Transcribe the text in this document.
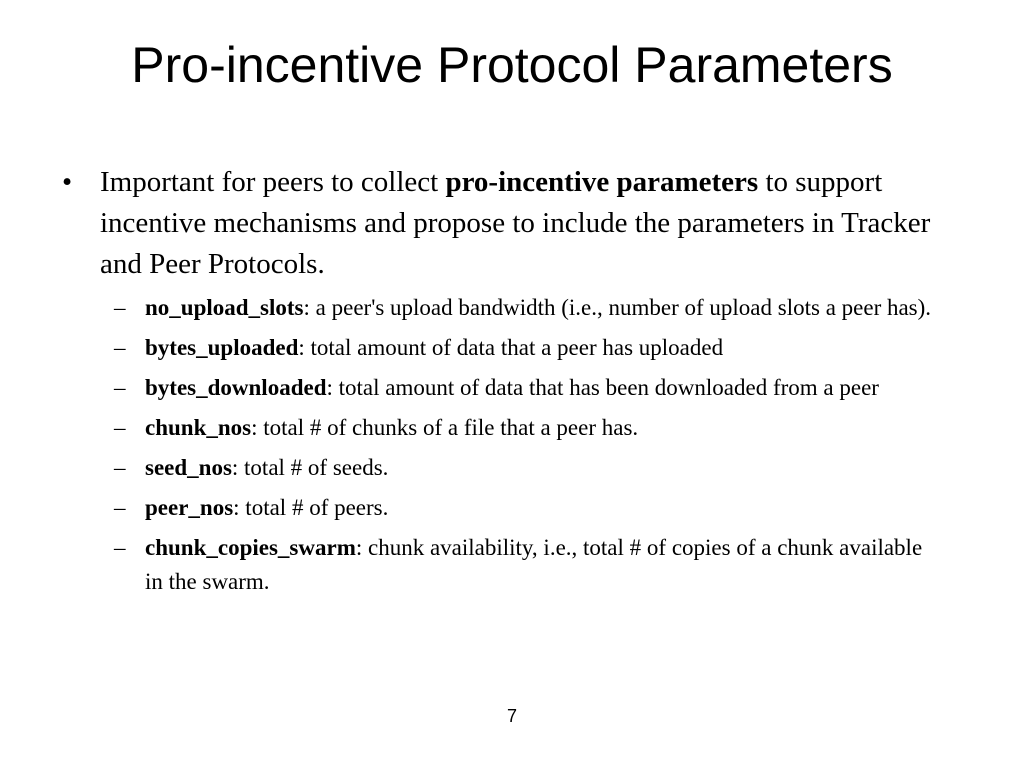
Pro-incentive Protocol Parameters
• Important for peers to collect pro-incentive parameters to support incentive mechanisms and propose to include the parameters in Tracker and Peer Protocols.
– no_upload_slots: a peer's upload bandwidth (i.e., number of upload slots a peer has).
– bytes_uploaded: total amount of data that a peer has uploaded
– bytes_downloaded: total amount of data that has been downloaded from a peer
– chunk_nos: total # of chunks of a file that a peer has.
– seed_nos: total # of seeds.
– peer_nos: total # of peers.
– chunk_copies_swarm: chunk availability, i.e., total # of copies of a chunk available in the swarm.
7
